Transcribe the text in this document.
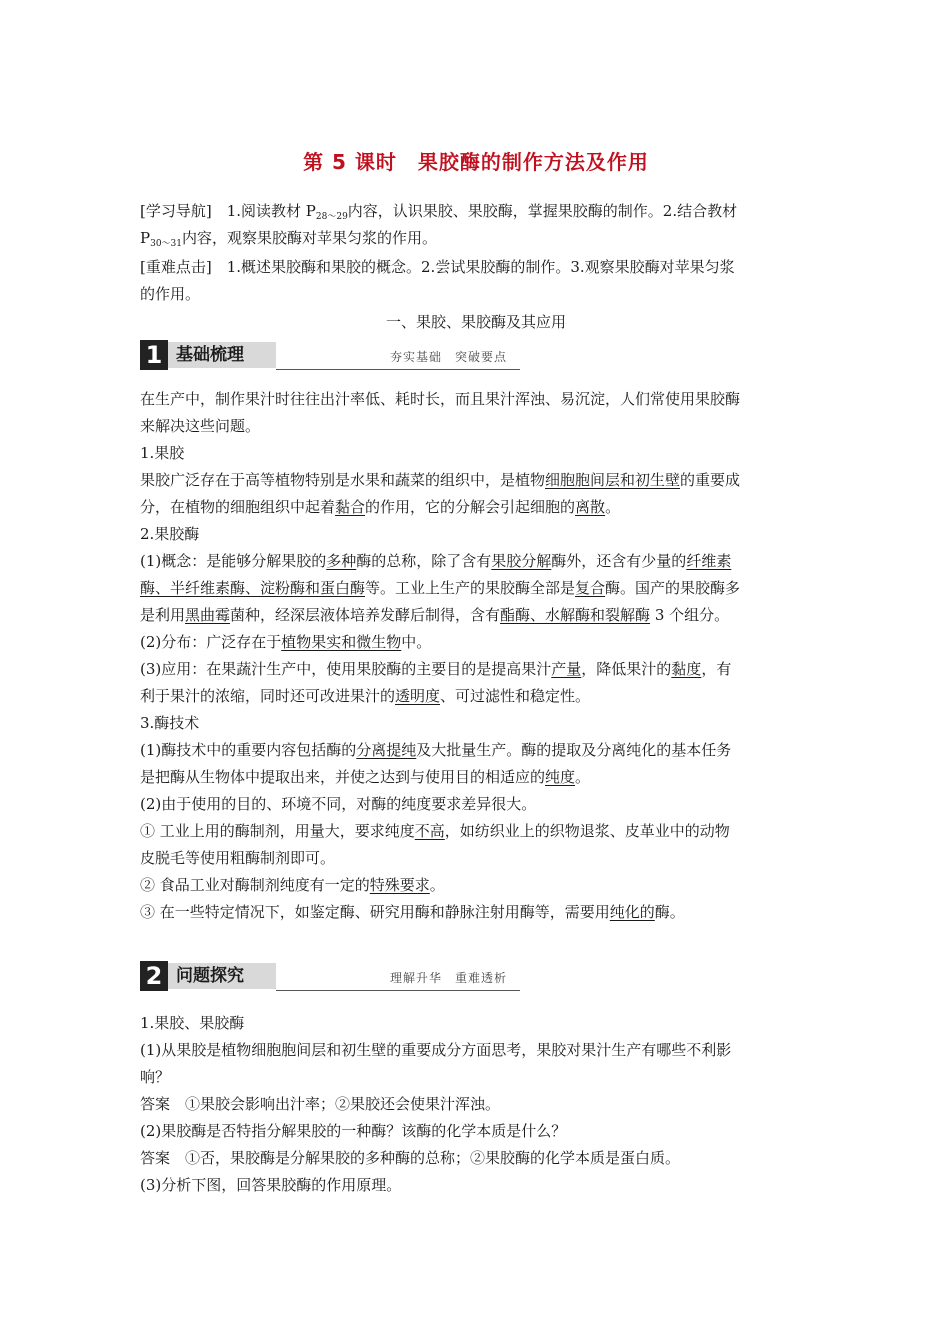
第 5 课时　果胶酶的制作方法及作用
[学习导航]　1.阅读教材 $P_{28\sim 29}$内容，认识果胶、果胶酶，掌握果胶酶的制作。2.结合教材
$P_{30\sim 31}$内容，观察果胶酶对苹果匀浆的作用。
[重难点击]　1.概述果胶酶和果胶的概念。2.尝试果胶酶的制作。3.观察果胶酶对苹果匀浆
的作用。
一、果胶、果胶酶及其应用
1 基础梳理	夯实基础　突破要点
在生产中，制作果汁时往往出汁率低、耗时长，而且果汁浑浊、易沉淀，人们常使用果胶酶
来解决这些问题。
1.果胶
果胶广泛存在于高等植物特别是水果和蔬菜的组织中，是植物细胞胞间层和初生壁的重要成
分，在植物的细胞组织中起着黏合的作用，它的分解会引起细胞的离散。
2.果胶酶
(1)概念：是能够分解果胶的多种酶的总称，除了含有果胶分解酶外，还含有少量的纤维素
酶、半纤维素酶、淀粉酶和蛋白酶等。工业上生产的果胶酶全部是复合酶。国产的果胶酶多
是利用黑曲霉菌种，经深层液体培养发酵后制得，含有酯酶、水解酶和裂解酶 3 个组分。
(2)分布：广泛存在于植物果实和微生物中。
(3)应用：在果蔬汁生产中，使用果胶酶的主要目的是提高果汁产量，降低果汁的黏度，有
利于果汁的浓缩，同时还可改进果汁的透明度、可过滤性和稳定性。
3.酶技术
(1)酶技术中的重要内容包括酶的分离提纯及大批量生产。酶的提取及分离纯化的基本任务
是把酶从生物体中提取出来，并使之达到与使用目的相适应的纯度。
(2)由于使用的目的、环境不同，对酶的纯度要求差异很大。
① 工业上用的酶制剂，用量大，要求纯度不高，如纺织业上的织物退浆、皮革业中的动物
皮脱毛等使用粗酶制剂即可。
② 食品工业对酶制剂纯度有一定的特殊要求。
③ 在一些特定情况下，如鉴定酶、研究用酶和静脉注射用酶等，需要用纯化的酶。
2 问题探究	理解升华　重难透析
1.果胶、果胶酶
(1)从果胶是植物细胞胞间层和初生壁的重要成分方面思考，果胶对果汁生产有哪些不利影
响？
答案　①果胶会影响出汁率；②果胶还会使果汁浑浊。
(2)果胶酶是否特指分解果胶的一种酶？该酶的化学本质是什么？
答案　①否，果胶酶是分解果胶的多种酶的总称；②果胶酶的化学本质是蛋白质。
(3)分析下图，回答果胶酶的作用原理。
